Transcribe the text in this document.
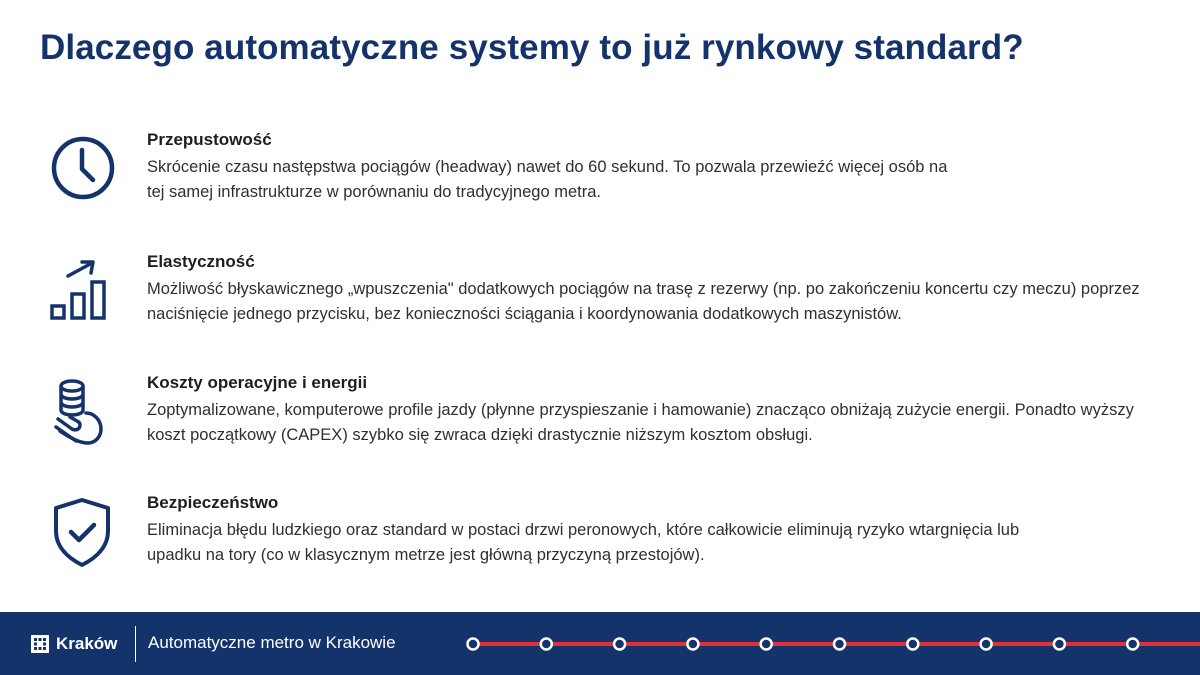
Dlaczego automatyczne systemy to już rynkowy standard?
Przepustowość

Skrócenie czasu następstwa pociągów (headway) nawet do 60 sekund. To pozwala przewieźć więcej osób na tej samej infrastrukturze w porównaniu do tradycyjnego metra.

Elastyczność

Możliwość błyskawicznego „wpuszczenia" dodatkowych pociągów na trasę z rezerwy (np. po zakończeniu koncertu czy meczu) poprzez naciśnięcie jednego przycisku, bez konieczności ściągania i koordynowania dodatkowych maszynistów.

Koszty operacyjne i energii

Zoptymalizowane, komputerowe profile jazdy (płynne przyspieszanie i hamowanie) znacząco obniżają zużycie energii. Ponadto wyższy koszt początkowy (CAPEX) szybko się zwraca dzięki drastycznie niższym kosztom obsługi.

Bezpieczeństwo

Eliminacja błędu ludzkiego oraz standard w postaci drzwi peronowych, które całkowicie eliminują ryzyko wtargnięcia lub upadku na tory (co w klasycznym metrze jest główną przyczyną przestojów).

Kraków Automatyczne metro w Krakowie
